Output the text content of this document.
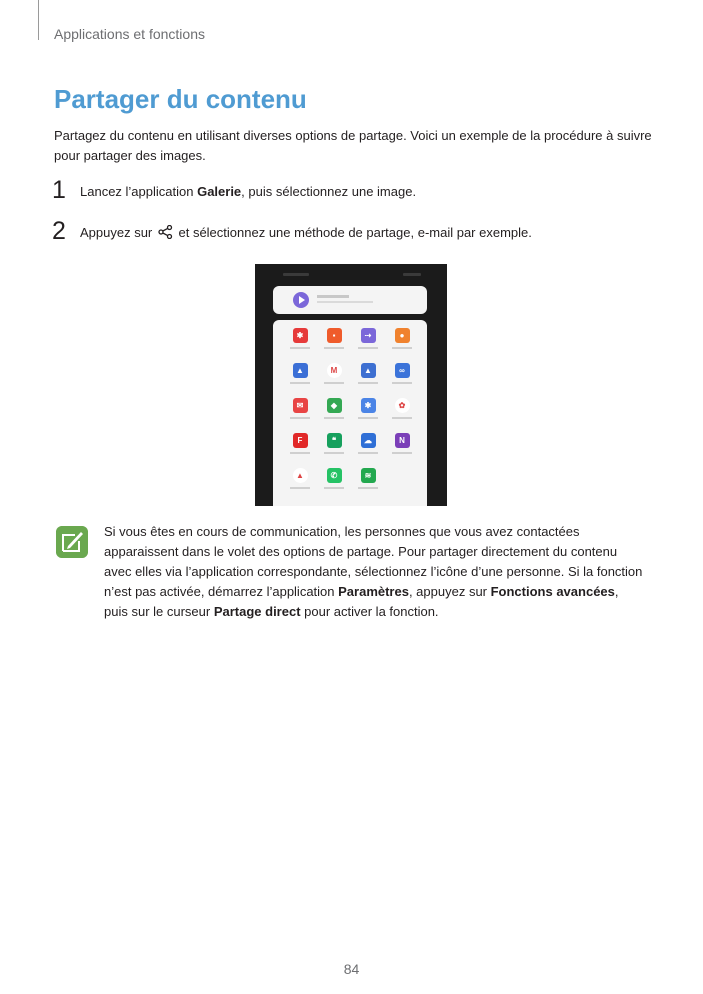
Applications et fonctions
Partager du contenu

Partagez du contenu en utilisant diverses options de partage. Voici un exemple de la procédure à suivre pour partager des images.

1 Lancez l’application Galerie, puis sélectionnez une image.
2 Appuyez sur  et sélectionnez une méthode de partage, e-mail par exemple.
✱	▪	⇢	●
▲	M	▲	∞
✉	◆	✱	✿
F	❝	☁	N
▲	✆	≋

Si vous êtes en cours de communication, les personnes que vous avez contactées apparaissent dans le volet des options de partage. Pour partager directement du contenu avec elles via l’application correspondante, sélectionnez l’icône d’une personne. Si la fonction n’est pas activée, démarrez l’application Paramètres, appuyez sur Fonctions avancées, puis sur le curseur Partage direct pour activer la fonction.

84
